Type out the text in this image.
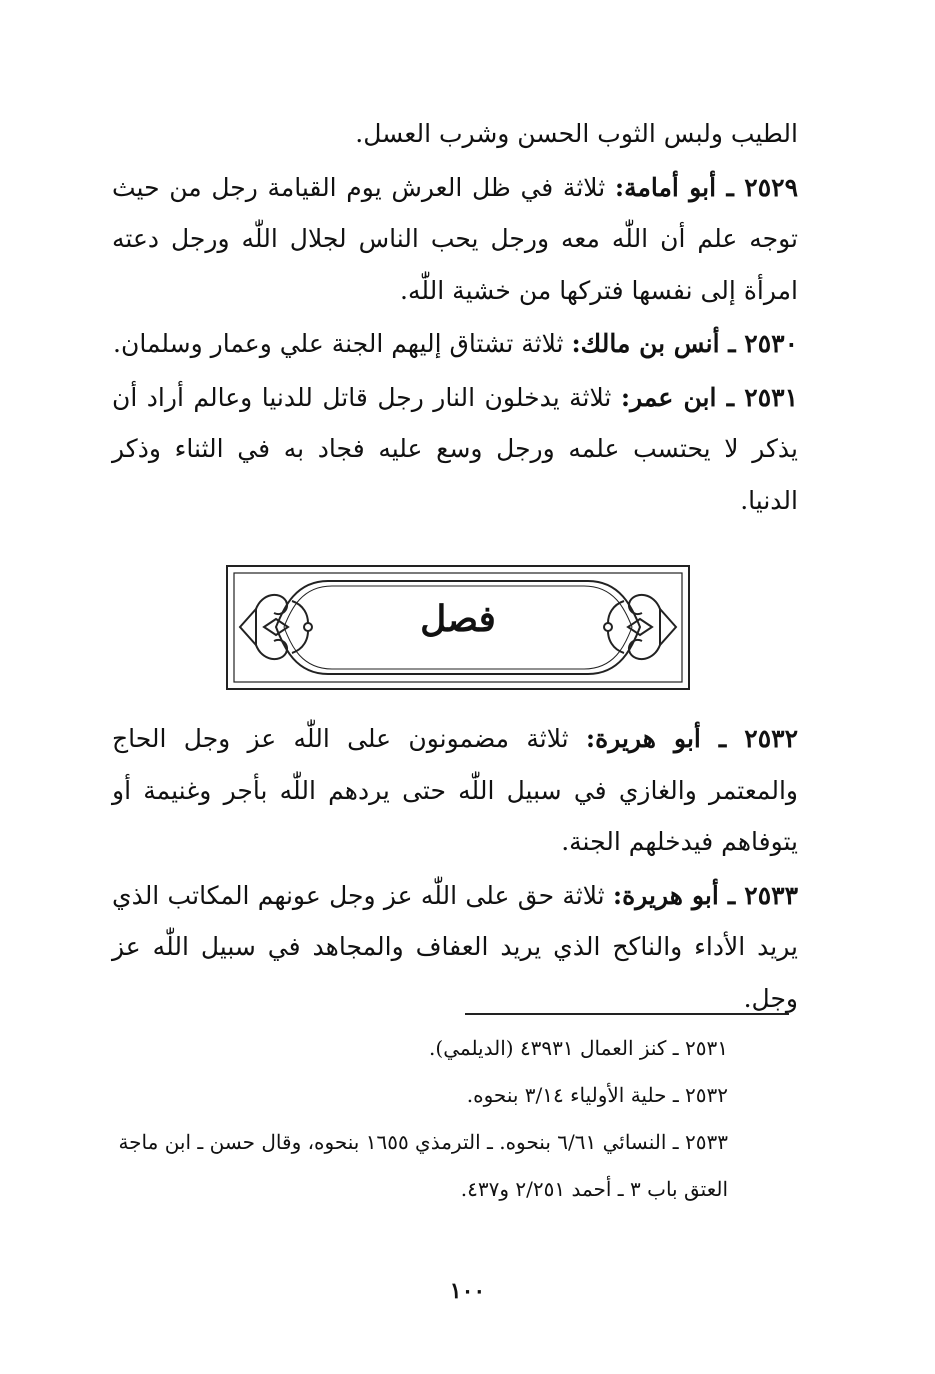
الطيب ولبس الثوب الحسن وشرب العسل.

٢٥٢٩ ـ أبو أمامة: ثلاثة في ظل العرش يوم القيامة رجل من حيث توجه علم أن اللّٰه معه ورجل يحب الناس لجلال اللّٰه ورجل دعته امرأة إلى نفسها فتركها من خشية اللّٰه.

٢٥٣٠ ـ أنس بن مالك: ثلاثة تشتاق إليهم الجنة علي وعمار وسلمان.

٢٥٣١ ـ ابن عمر: ثلاثة يدخلون النار رجل قاتل للدنيا وعالم أراد أن يذكر لا يحتسب علمه ورجل وسع عليه فجاد به في الثناء وذكر الدنيا.

فصل

٢٥٣٢ ـ أبو هريرة: ثلاثة مضمونون على اللّٰه عز وجل الحاج والمعتمر والغازي في سبيل اللّٰه حتى يردهم اللّٰه بأجر وغنيمة أو يتوفاهم فيدخلهم الجنة.

٢٥٣٣ ـ أبو هريرة: ثلاثة حق على اللّٰه عز وجل عونهم المكاتب الذي يريد الأداء والناكح الذي يريد العفاف والمجاهد في سبيل اللّٰه عز وجل.

٢٥٣١ ـ كنز العمال ٤٣٩٣١ (الديلمي).

٢٥٣٢ ـ حلية الأولياء ٣/١٤ بنحوه.

٢٥٣٣ ـ النسائي ٦/٦١ بنحوه. ـ الترمذي ١٦٥٥ بنحوه، وقال حسن ـ ابن ماجة العتق باب ٣ ـ أحمد ٢/٢٥١ و٤٣٧.

١٠٠
